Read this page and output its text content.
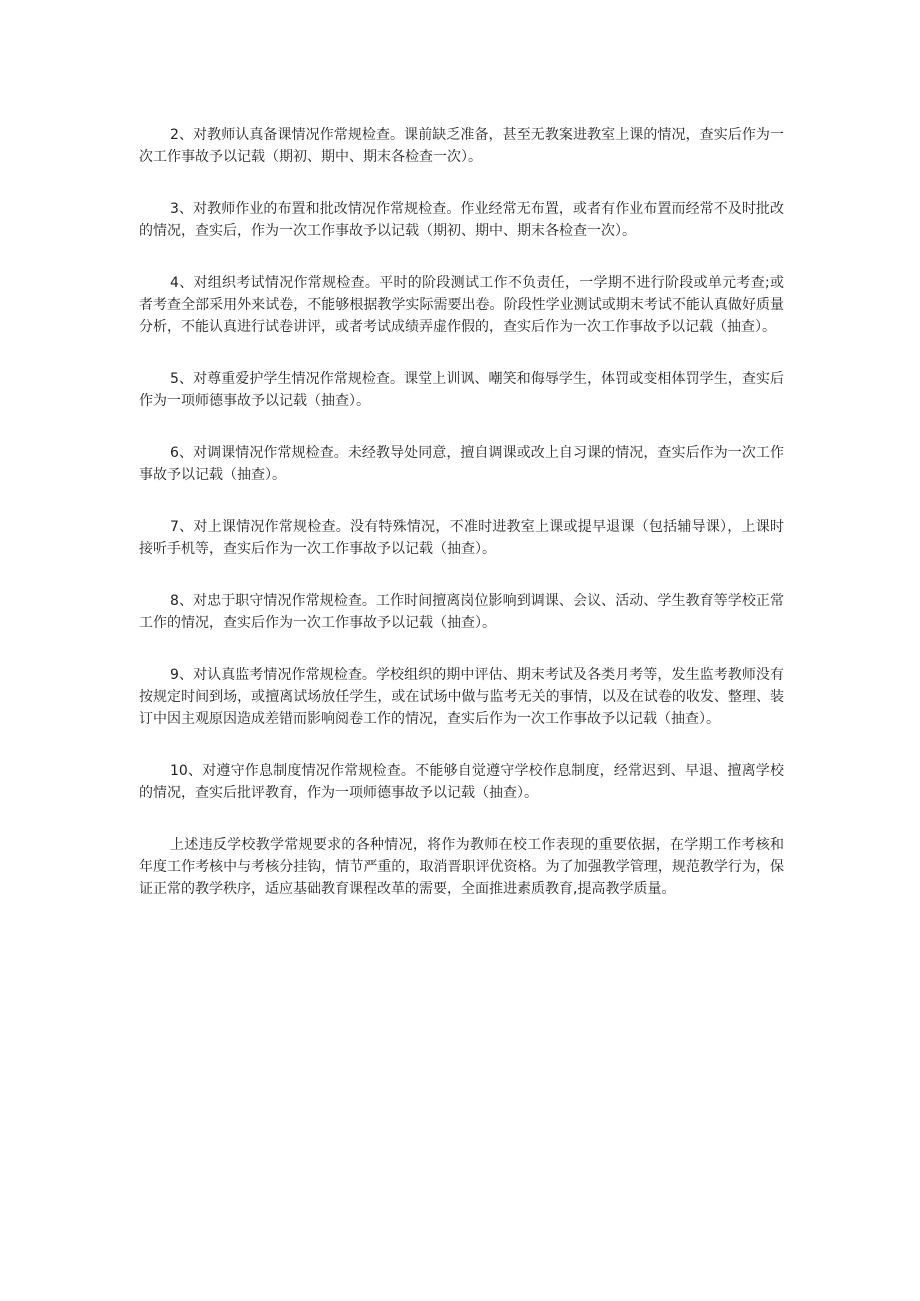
2、对教师认真备课情况作常规检查。课前缺乏准备，甚至无教案进教室上课的情况，查实后作为一次工作事故予以记载（期初、期中、期末各检查一次）。

3、对教师作业的布置和批改情况作常规检查。作业经常无布置，或者有作业布置而经常不及时批改的情况，查实后，作为一次工作事故予以记载（期初、期中、期末各检查一次）。

4、对组织考试情况作常规检查。平时的阶段测试工作不负责任，一学期不进行阶段或单元考查;或者考查全部采用外来试卷，不能够根据教学实际需要出卷。阶段性学业测试或期末考试不能认真做好质量分析，不能认真进行试卷讲评，或者考试成绩弄虚作假的，查实后作为一次工作事故予以记载（抽查）。

5、对尊重爱护学生情况作常规检查。课堂上训讽、嘲笑和侮辱学生，体罚或变相体罚学生，查实后作为一项师德事故予以记载（抽查）。

6、对调课情况作常规检查。未经教导处同意，擅自调课或改上自习课的情况，查实后作为一次工作事故予以记载（抽查）。

7、对上课情况作常规检查。没有特殊情况，不准时进教室上课或提早退课（包括辅导课），上课时接听手机等，查实后作为一次工作事故予以记载（抽查）。

8、对忠于职守情况作常规检查。工作时间擅离岗位影响到调课、会议、活动、学生教育等学校正常工作的情况，查实后作为一次工作事故予以记载（抽查）。

9、对认真监考情况作常规检查。学校组织的期中评估、期末考试及各类月考等，发生监考教师没有按规定时间到场，或擅离试场放任学生，或在试场中做与监考无关的事情，以及在试卷的收发、整理、装订中因主观原因造成差错而影响阅卷工作的情况，查实后作为一次工作事故予以记载（抽查）。

10、对遵守作息制度情况作常规检查。不能够自觉遵守学校作息制度，经常迟到、早退、擅离学校的情况，查实后批评教育，作为一项师德事故予以记载（抽查）。

上述违反学校教学常规要求的各种情况，将作为教师在校工作表现的重要依据，在学期工作考核和年度工作考核中与考核分挂钩，情节严重的，取消晋职评优资格。为了加强教学管理，规范教学行为，保证正常的教学秩序，适应基础教育课程改革的需要，全面推进素质教育,提高教学质量。
